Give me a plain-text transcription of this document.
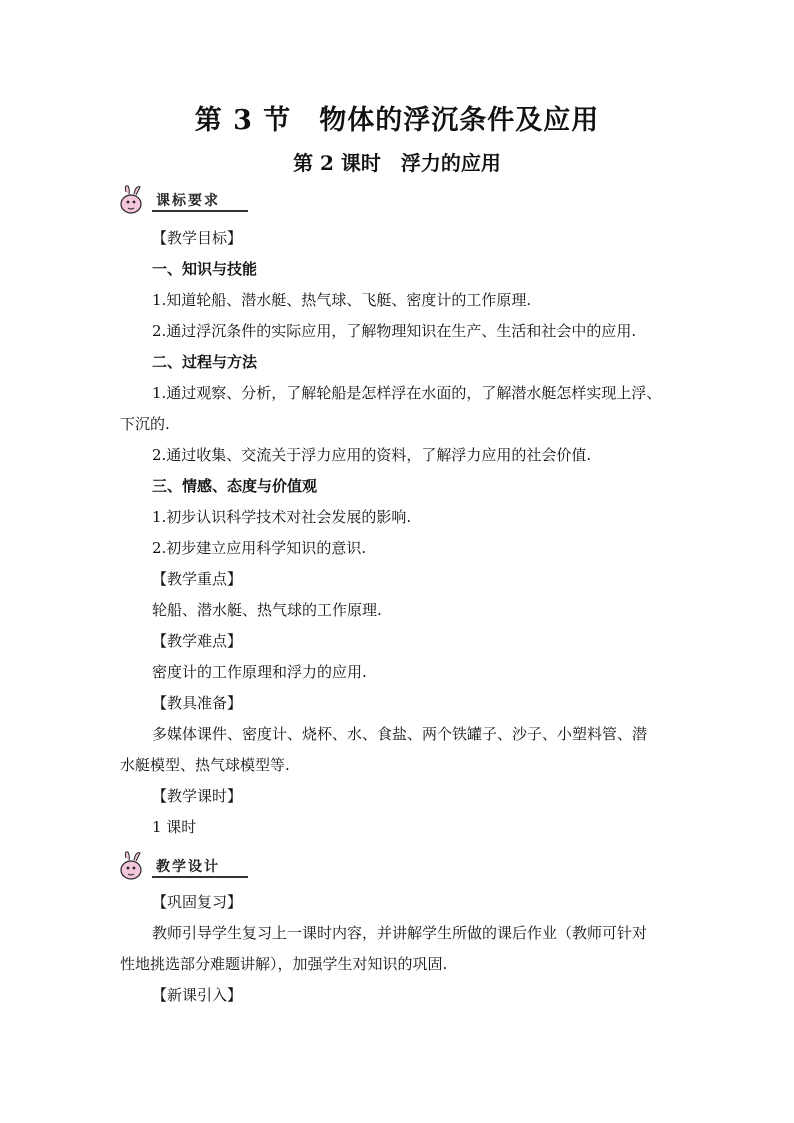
第 3 节　物体的浮沉条件及应用
第 2 课时　浮力的应用
课标要求
【教学目标】
一、知识与技能
1.知道轮船、潜水艇、热气球、飞艇、密度计的工作原理.
2.通过浮沉条件的实际应用，了解物理知识在生产、生活和社会中的应用.
二、过程与方法
1.通过观察、分析，了解轮船是怎样浮在水面的，了解潜水艇怎样实现上浮、
下沉的.
2.通过收集、交流关于浮力应用的资料，了解浮力应用的社会价值.
三、情感、态度与价值观
1.初步认识科学技术对社会发展的影响.
2.初步建立应用科学知识的意识.
【教学重点】
轮船、潜水艇、热气球的工作原理.
【教学难点】
密度计的工作原理和浮力的应用.
【教具准备】
多媒体课件、密度计、烧杯、水、食盐、两个铁罐子、沙子、小塑料管、潜
水艇模型、热气球模型等.
【教学课时】
1 课时
教学设计
【巩固复习】
教师引导学生复习上一课时内容，并讲解学生所做的课后作业（教师可针对
性地挑选部分难题讲解），加强学生对知识的巩固.
【新课引入】
